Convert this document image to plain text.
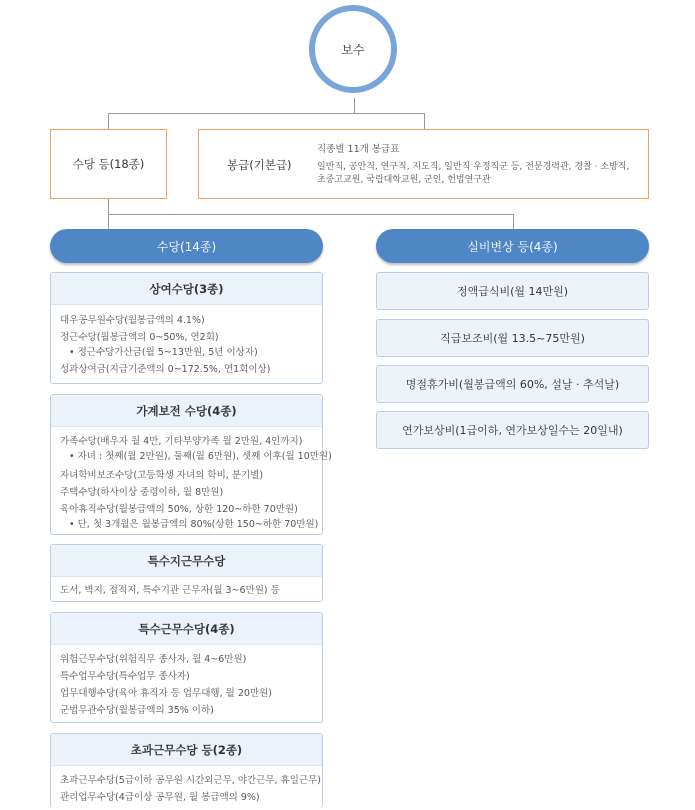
보수
수당 등(18종)	봉급(기본급)
직종별 11개 봉급표
일반직, 공안직, 연구직, 지도직, 일반직 우정직군 등, 전문경력관, 경찰 · 소방직,
초중고교원, 국립대학교원, 군인, 헌법연구관
수당(14종)	실비변상 등(4종)
상여수당(3종)
대우공무원수당(월봉급액의 4.1%)
정근수당(월봉급액의 0~50%, 연2회)
• 정근수당가산금(월 5~13만원, 5년 이상자)
성과상여금(지급기준액의 0~172.5%, 연1회이상)
가계보전 수당(4종)
가족수당(배우자 월 4만, 기타부양가족 월 2만원, 4인까지)
• 자녀 : 첫째(월 2만원), 둘째(월 6만원), 셋째 이후(월 10만원)
자녀학비보조수당(고등학생 자녀의 학비, 분기별)
주택수당(하사이상 중령이하, 월 8만원)
육아휴직수당(월봉급액의 50%, 상한 120~하한 70만원)
• 단, 첫 3개월은 월봉급액의 80%(상한 150~하한 70만원)
특수지근무수당
도서, 벽지, 접적지, 특수기관 근무자(월 3~6만원) 등
특수근무수당(4종)
위험근무수당(위험직무 종사자, 월 4~6만원)
특수업무수당(특수업무 종사자)
업무대행수당(육아 휴직자 등 업무대행, 월 20만원)
군법무관수당(월봉급액의 35% 이하)
초과근무수당 등(2종)
초과근무수당(5급이하 공무원 시간외근무, 야간근무, 휴일근무)
관리업무수당(4급이상 공무원, 월 봉급액의 9%)
정액급식비(월 14만원)
직급보조비(월 13.5~75만원)
명절휴가비(월봉급액의 60%, 설날 · 추석날)
연가보상비(1급이하, 연가보상일수는 20일내)
